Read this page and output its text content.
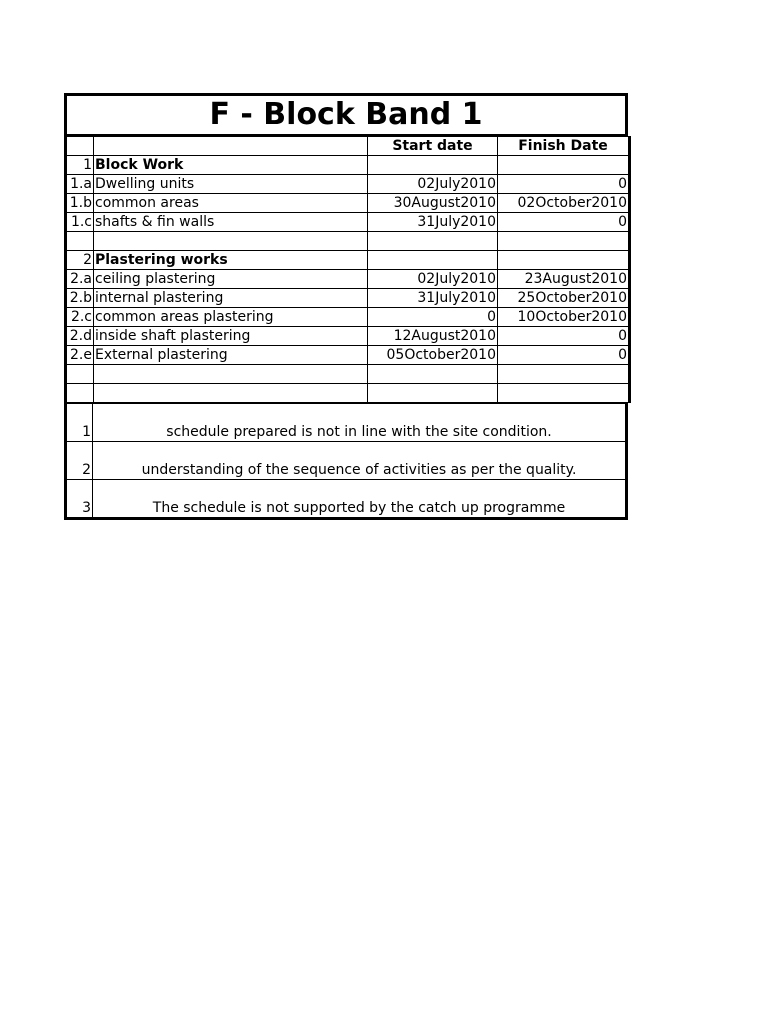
F - Block Band 1
		Start date	Finish Date
1	Block Work		
1.a	Dwelling units	02July2010	0
1.b	common areas	30August2010	02October2010
1.c	shafts & fin walls	31July2010	0

2	Plastering works		
2.a	ceiling plastering	02July2010	23August2010
2.b	internal plastering	31July2010	25October2010
2.c	common areas plastering	0	10October2010
2.d	inside shaft plastering	12August2010	0
2.e	External plastering	05October2010	0

1	schedule prepared is not in line with the site condition.
2	understanding of the sequence of activities as per the quality.
3	The schedule is not supported by the catch up programme
